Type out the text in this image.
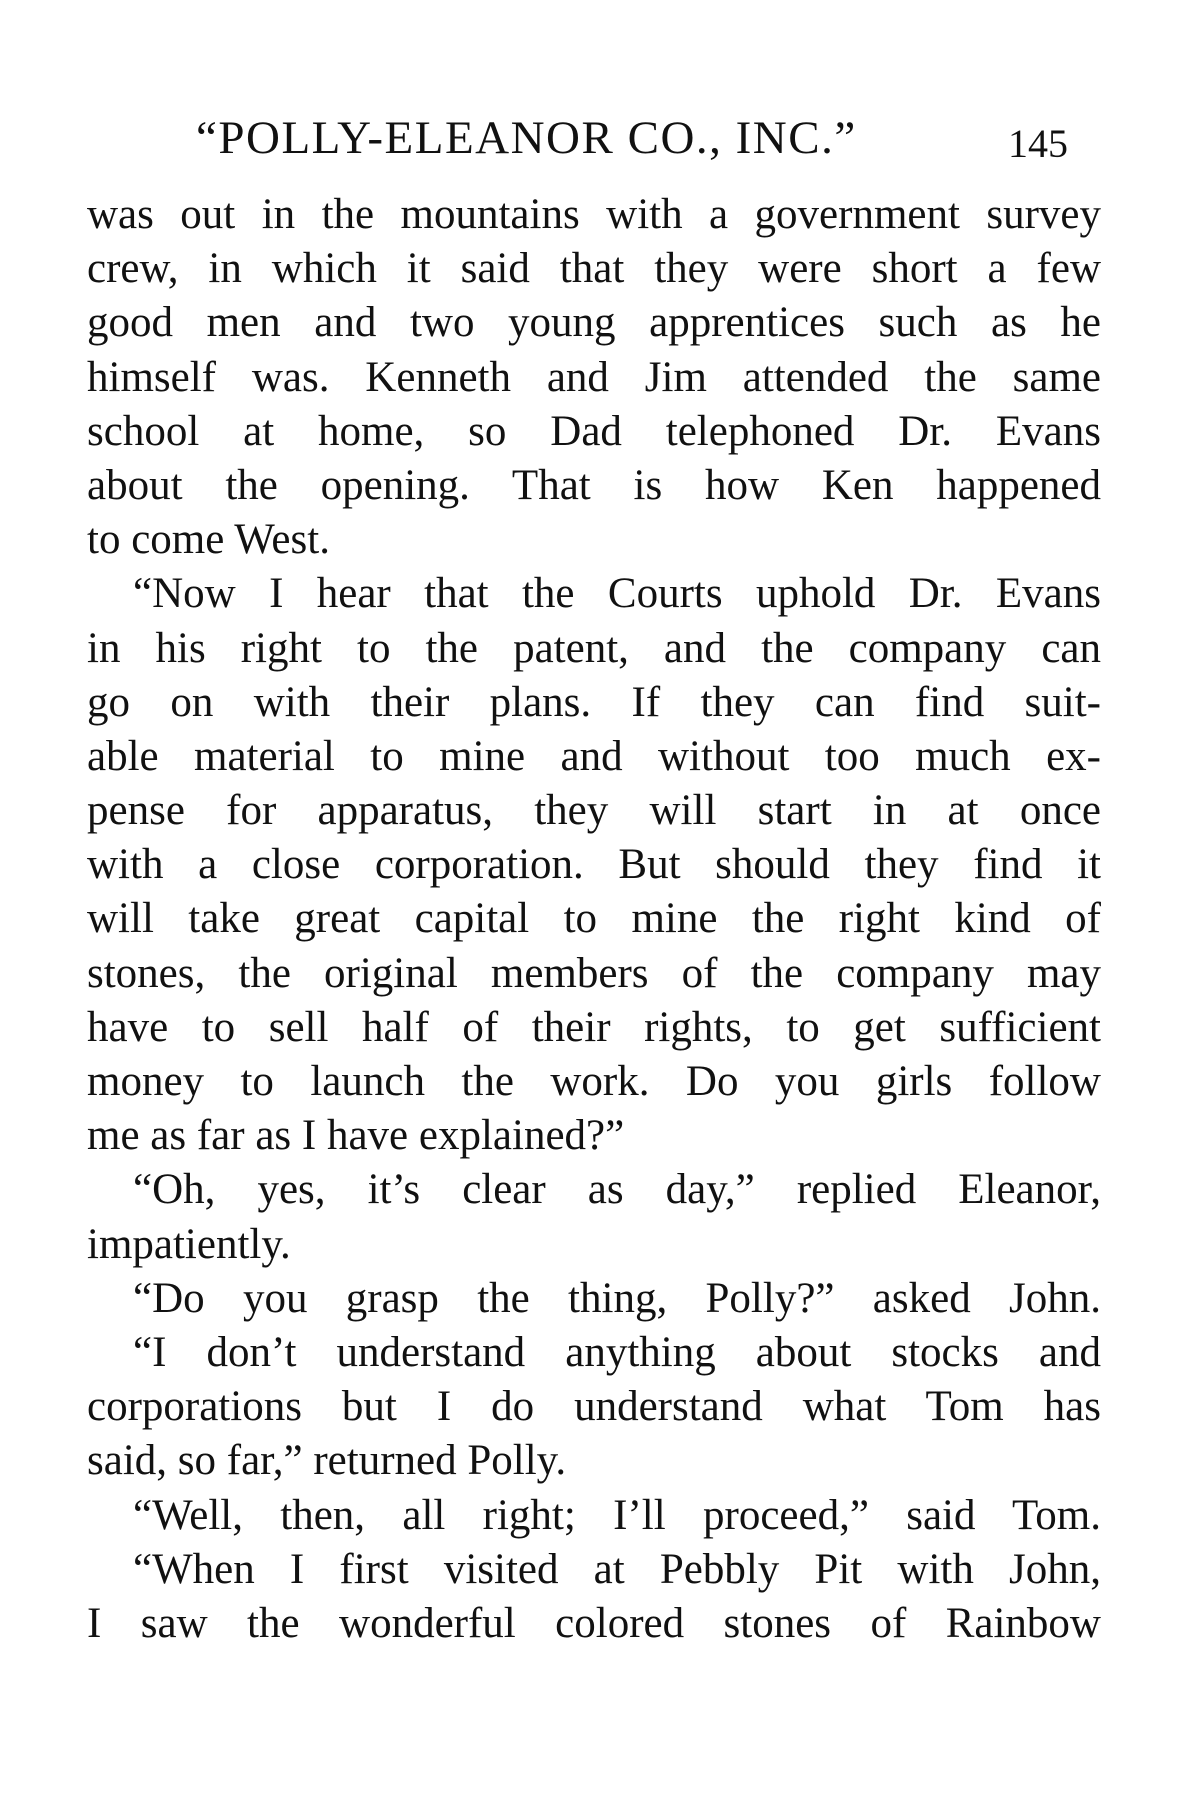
“POLLY-ELEANOR CO., INC.”	145
was out in the mountains with a government survey
crew, in which it said that they were short a few
good men and two young apprentices such as he
himself was. Kenneth and Jim attended the same
school at home, so Dad telephoned Dr. Evans
about the opening. That is how Ken happened
to come West.
“Now I hear that the Courts uphold Dr. Evans
in his right to the patent, and the company can
go on with their plans. If they can find suit-
able material to mine and without too much ex-
pense for apparatus, they will start in at once
with a close corporation. But should they find it
will take great capital to mine the right kind of
stones, the original members of the company may
have to sell half of their rights, to get sufficient
money to launch the work. Do you girls follow
me as far as I have explained?”
“Oh, yes, it’s clear as day,” replied Eleanor,
impatiently.
“Do you grasp the thing, Polly?” asked John.
“I don’t understand anything about stocks and
corporations but I do understand what Tom has
said, so far,” returned Polly.
“Well, then, all right; I’ll proceed,” said Tom.
“When I first visited at Pebbly Pit with John,
I saw the wonderful colored stones of Rainbow
